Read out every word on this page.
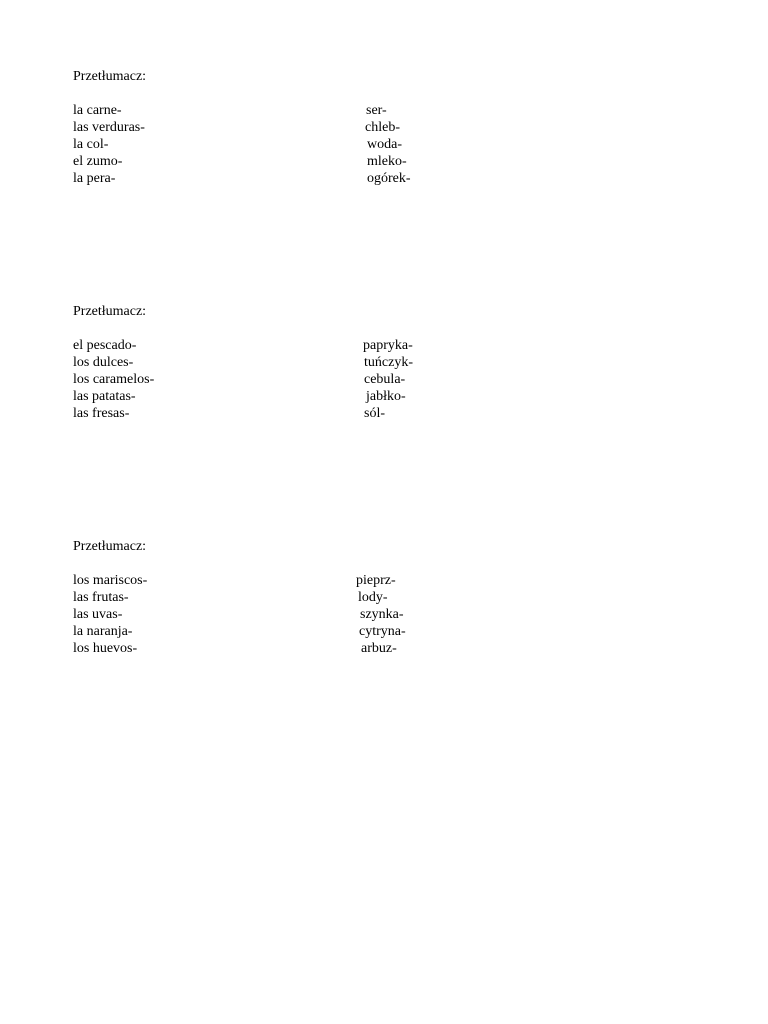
Przetłumacz:
la carne-	ser-
las verduras-	chleb-
la col-	woda-
el zumo-	mleko-
la pera-	ogórek-
Przetłumacz:
el pescado-	papryka-
los dulces-	tuńczyk-
los caramelos-	cebula-
las patatas-	jabłko-
las fresas-	sól-
Przetłumacz:
los mariscos-	pieprz-
las frutas-	lody-
las uvas-	szynka-
la naranja-	cytryna-
los huevos-	arbuz-
